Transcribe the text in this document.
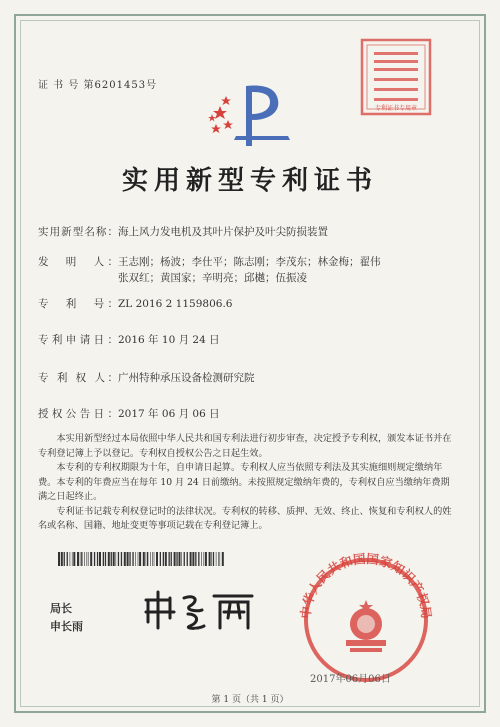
证 书 号 第6201453号
专利证书专用章
实用新型专利证书
实用新型名称：海上风力发电机及其叶片保护及叶尖防损装置
发　明　人：王志刚；杨波；李仕平；陈志刚；李茂东；林金梅；翟伟
张双红；黄国家；辛明亮；邱樾；伍振凌
专　利　号：ZL 2016 2 1159806.6
专利申请日：2016 年 10 月 24 日
专 利 权 人：广州特种承压设备检测研究院
授权公告日：2017 年 06 月 06 日

本实用新型经过本局依照中华人民共和国专利法进行初步审查，决定授予专利权，颁发本证书并在专利登记簿上予以登记。专利权自授权公告之日起生效。

本专利的专利权期限为十年，自申请日起算。专利权人应当依照专利法及其实施细则规定缴纳年费。本专利的年费应当在每年 10 月 24 日前缴纳。未按照规定缴纳年费的，专利权自应当缴纳年费期满之日起终止。

专利证书记载专利权登记时的法律状况。专利权的转移、质押、无效、终止、恢复和专利权人的姓名或名称、国籍、地址变更等事项记载在专利登记簿上。

局长
申长雨	申长雨
中华人民共和国国家知识产权局
2017年06月06日
第 1 页（共 1 页）
